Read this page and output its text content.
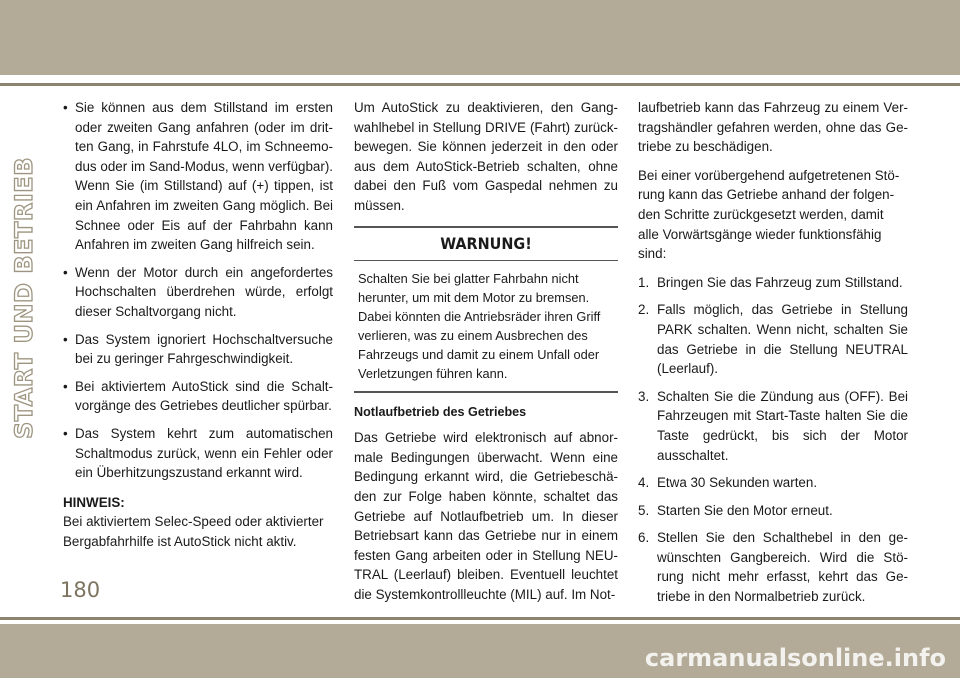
START UND BETRIEB
• Sie können aus dem Stillstand im ersten oder zweiten Gang anfahren (oder im drit-ten Gang, in Fahrstufe 4LO, im Schneemo-dus oder im Sand-Modus, wenn verfügbar). Wenn Sie (im Stillstand) auf (+) tippen, ist ein Anfahren im zweiten Gang möglich. Bei Schnee oder Eis auf der Fahrbahn kann Anfahren im zweiten Gang hilfreich sein.
• Wenn der Motor durch ein angefordertes Hochschalten überdrehen würde, erfolgt dieser Schaltvorgang nicht.
• Das System ignoriert Hochschaltversuche bei zu geringer Fahrgeschwindigkeit.
• Bei aktiviertem AutoStick sind die Schalt-vorgänge des Getriebes deutlicher spürbar.
• Das System kehrt zum automatischen Schaltmodus zurück, wenn ein Fehler oder ein Überhitzungszustand erkannt wird.
HINWEIS:
Bei aktiviertem Selec-Speed oder aktivierter Bergabfahrhilfe ist AutoStick nicht aktiv.
Um AutoStick zu deaktivieren, den Gang-wahlhebel in Stellung DRIVE (Fahrt) zurück-bewegen. Sie können jederzeit in den oder aus dem AutoStick-Betrieb schalten, ohne dabei den Fuß vom Gaspedal nehmen zu müssen.
WARNUNG!
Schalten Sie bei glatter Fahrbahn nicht herunter, um mit dem Motor zu bremsen. Dabei könnten die Antriebsräder ihren Griff verlieren, was zu einem Ausbrechen des Fahrzeugs und damit zu einem Unfall oder Verletzungen führen kann.
Notlaufbetrieb des Getriebes
Das Getriebe wird elektronisch auf abnor-male Bedingungen überwacht. Wenn eine Bedingung erkannt wird, die Getriebeschä-den zur Folge haben könnte, schaltet das Getriebe auf Notlaufbetrieb um. In dieser Betriebsart kann das Getriebe nur in einem festen Gang arbeiten oder in Stellung NEU-TRAL (Leerlauf) bleiben. Eventuell leuchtet die Systemkontrollleuchte (MIL) auf. Im Not-
laufbetrieb kann das Fahrzeug zu einem Ver-tragshändler gefahren werden, ohne das Ge-triebe zu beschädigen.
Bei einer vorübergehend aufgetretenen Stö-rung kann das Getriebe anhand der folgen-den Schritte zurückgesetzt werden, damit alle Vorwärtsgänge wieder funktionsfähig sind:
1. Bringen Sie das Fahrzeug zum Stillstand.
2. Falls möglich, das Getriebe in Stellung PARK schalten. Wenn nicht, schalten Sie das Getriebe in die Stellung NEUTRAL (Leerlauf).
3. Schalten Sie die Zündung aus (OFF). Bei Fahrzeugen mit Start-Taste halten Sie die Taste gedrückt, bis sich der Motor ausschaltet.
4. Etwa 30 Sekunden warten.
5. Starten Sie den Motor erneut.
6. Stellen Sie den Schalthebel in den ge-wünschten Gangbereich. Wird die Stö-rung nicht mehr erfasst, kehrt das Ge-triebe in den Normalbetrieb zurück.
180
carmanualsonline.info
